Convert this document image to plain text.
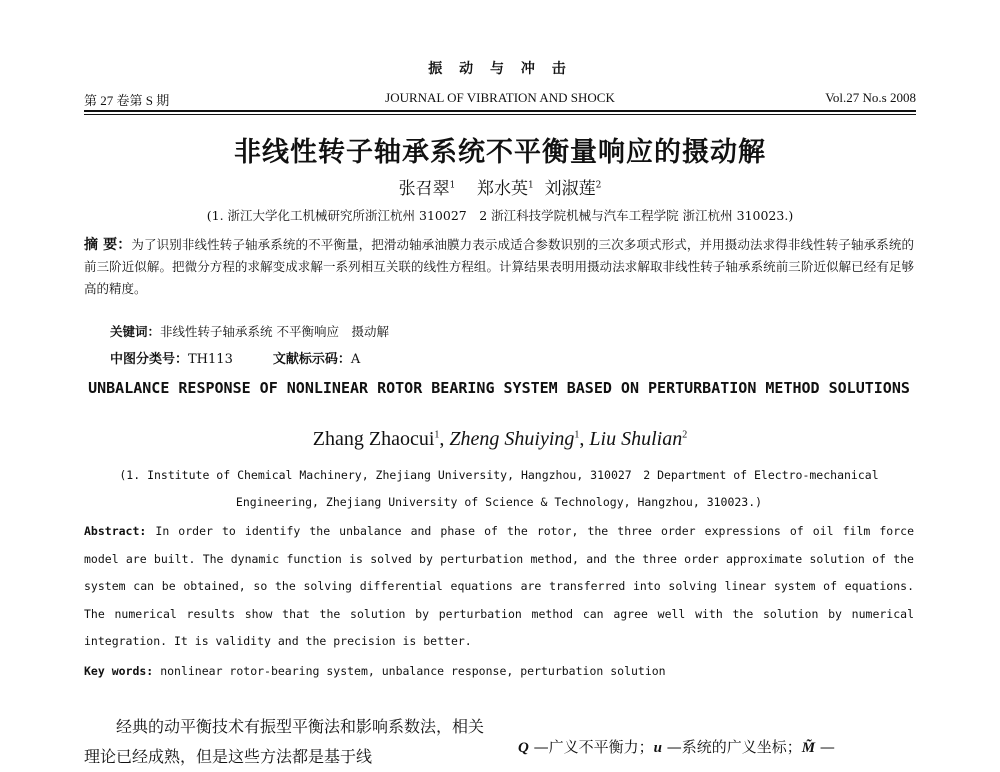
振 动 与 冲 击
第 27 卷第 S 期	JOURNAL OF VIBRATION AND SHOCK	Vol.27 No.s 2008
非线性转子轴承系统不平衡量响应的摄动解
张召翠$^1$ 郑水英$^1$ 刘淑莲$^2$
(1. 浙江大学化工机械研究所浙江杭州 310027　2 浙江科技学院机械与汽车工程学院 浙江杭州 310023.)
摘 要：为了识别非线性转子轴承系统的不平衡量，把滑动轴承油膜力表示成适合参数识别的三次多项式形式，并用摄动法求得非线性转子轴承系统的前三阶近似解。把微分方程的求解变成求解一系列相互关联的线性方程组。计算结果表明用摄动法求解取非线性转子轴承系统前三阶近似解已经有足够高的精度。
关键词：非线性转子轴承系统 不平衡响应　摄动解
中图分类号：TH113	文献标示码：A
UNBALANCE RESPONSE OF NONLINEAR ROTOR BEARING SYSTEM BASED ON PERTURBATION METHOD SOLUTIONS
Zhang Zhaocui$^1$, Zheng Shuiying$^1$, Liu Shulian$^2$
(1. Institute of Chemical Machinery, Zhejiang University, Hangzhou, 310027　2 Department of Electro-mechanical Engineering, Zhejiang University of Science & Technology, Hangzhou, 310023.)
Abstract: In order to identify the unbalance and phase of the rotor, the three order expressions of oil film force model are built. The dynamic function is solved by perturbation method, and the three order approximate solution of the system can be obtained, so the solving differential equations are transferred into solving linear system of equations. The numerical results show that the solution by perturbation method can agree well with the solution by numerical integration. It is validity and the precision is better.
Key words: nonlinear rotor-bearing system, unbalance response, perturbation solution
经典的动平衡技术有振型平衡法和影响系数法，相关理论已经成熟，但是这些方法都是基于线	Q —广义不平衡力；u —系统的广义坐标；M̃ —
